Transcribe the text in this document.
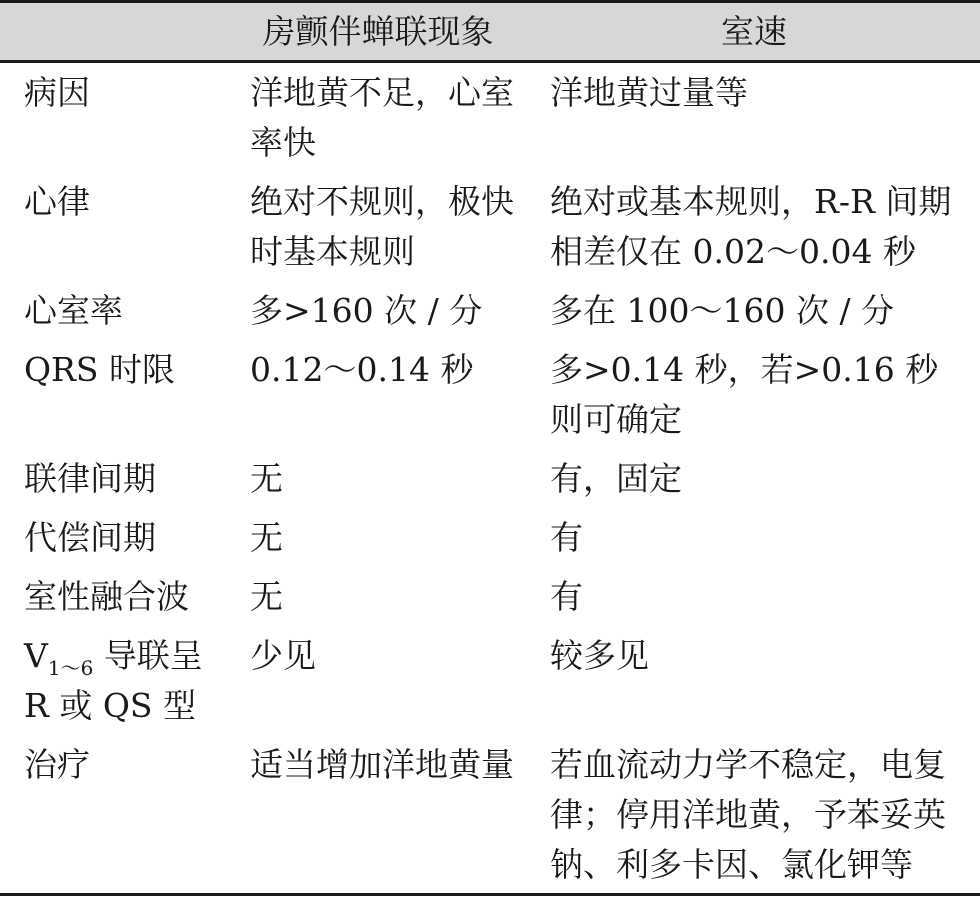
	房颤伴蝉联现象	室速
病因	洋地黄不足，心室率快	洋地黄过量等
心律	绝对不规则，极快时基本规则	绝对或基本规则，R-R 间期相差仅在 0.02～0.04 秒
心室率	多>160 次 / 分	多在 100～160 次 / 分
QRS 时限	0.12～0.14 秒	多>0.14 秒，若>0.16 秒则可确定
联律间期	无	有，固定
代偿间期	无	有
室性融合波	无	有
$V_{1\sim 6}$ 导联呈 R 或 QS 型	少见	较多见
治疗	适当增加洋地黄量	若血流动力学不稳定，电复律；停用洋地黄，予苯妥英钠、利多卡因、氯化钾等
